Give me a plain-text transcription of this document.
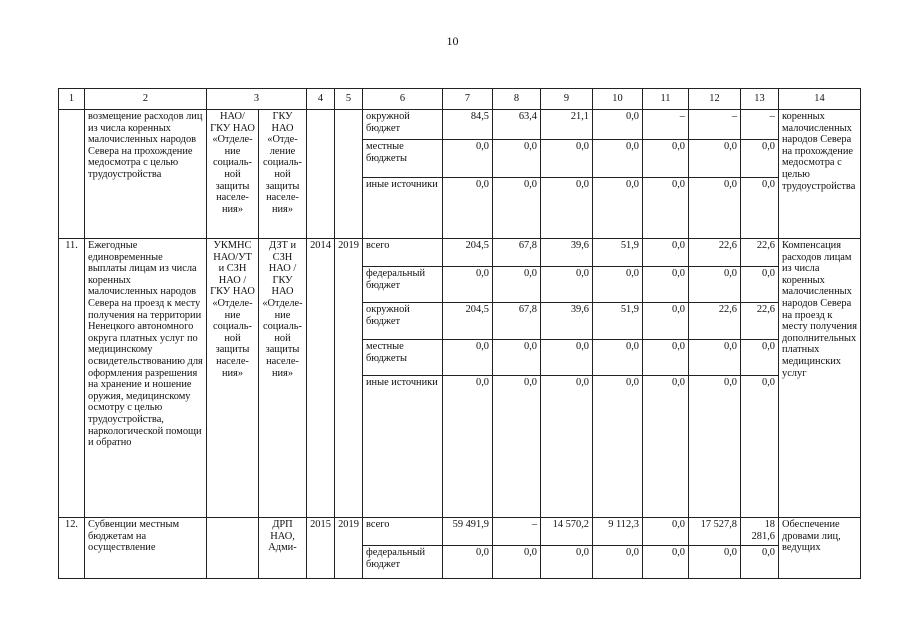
10
1	2	3		4	5	6	7	8	9	10	11	12	13	14
	возмещение расходов лиц из числа коренных малочисленных народов Севера на прохождение медосмотра с целью трудоустройства	НАО/ ГКУ НАО «Отделе-ние социаль-ной защиты населе-ния»	ГКУ НАО «Отде-ление социаль-ной защиты населе-ния»			окружной бюджет	84,5	63,4	21,1	0,0	–	–	–	коренных малочисленных народов Севера на прохождение медосмотра с целью трудоустройства
						местные бюджеты	0,0	0,0	0,0	0,0	0,0	0,0	0,0	
						иные источники	0,0	0,0	0,0	0,0	0,0	0,0	0,0	
11.	Ежегодные единовременные выплаты лицам из числа коренных малочисленных народов Севера на проезд к месту получения на территории Ненецкого автономного округа платных услуг по медицинскому освидетельствованию для оформления разрешения на хранение и ношение оружия, медицинскому осмотру с целью трудоустройства, наркологической помощи и обратно	УКМНС НАО/УТ и СЗН НАО / ГКУ НАО «Отделе-ние социаль-ной защиты населе-ния»	ДЗТ и СЗН НАО / ГКУ НАО «Отделе-ние социаль-ной защиты населе-ния»	2014	2019	всего	204,5	67,8	39,6	51,9	0,0	22,6	22,6	Компенсация расходов лицам из числа коренных малочисленных народов Севера на проезд к месту получения дополнительных платных медицинских услуг
						федеральный бюджет	0,0	0,0	0,0	0,0	0,0	0,0	0,0	
						окружной бюджет	204,5	67,8	39,6	51,9	0,0	22,6	22,6	
						местные бюджеты	0,0	0,0	0,0	0,0	0,0	0,0	0,0	
						иные источники	0,0	0,0	0,0	0,0	0,0	0,0	0,0	
12.	Субвенции местным бюджетам на осуществление		ДРП НАО, Адми-	2015	2019	всего	59 491,9	–	14 570,2	9 112,3	0,0	17 527,8	18 281,6	Обеспечение дровами лиц, ведущих
						федеральный бюджет	0,0	0,0	0,0	0,0	0,0	0,0	0,0	
